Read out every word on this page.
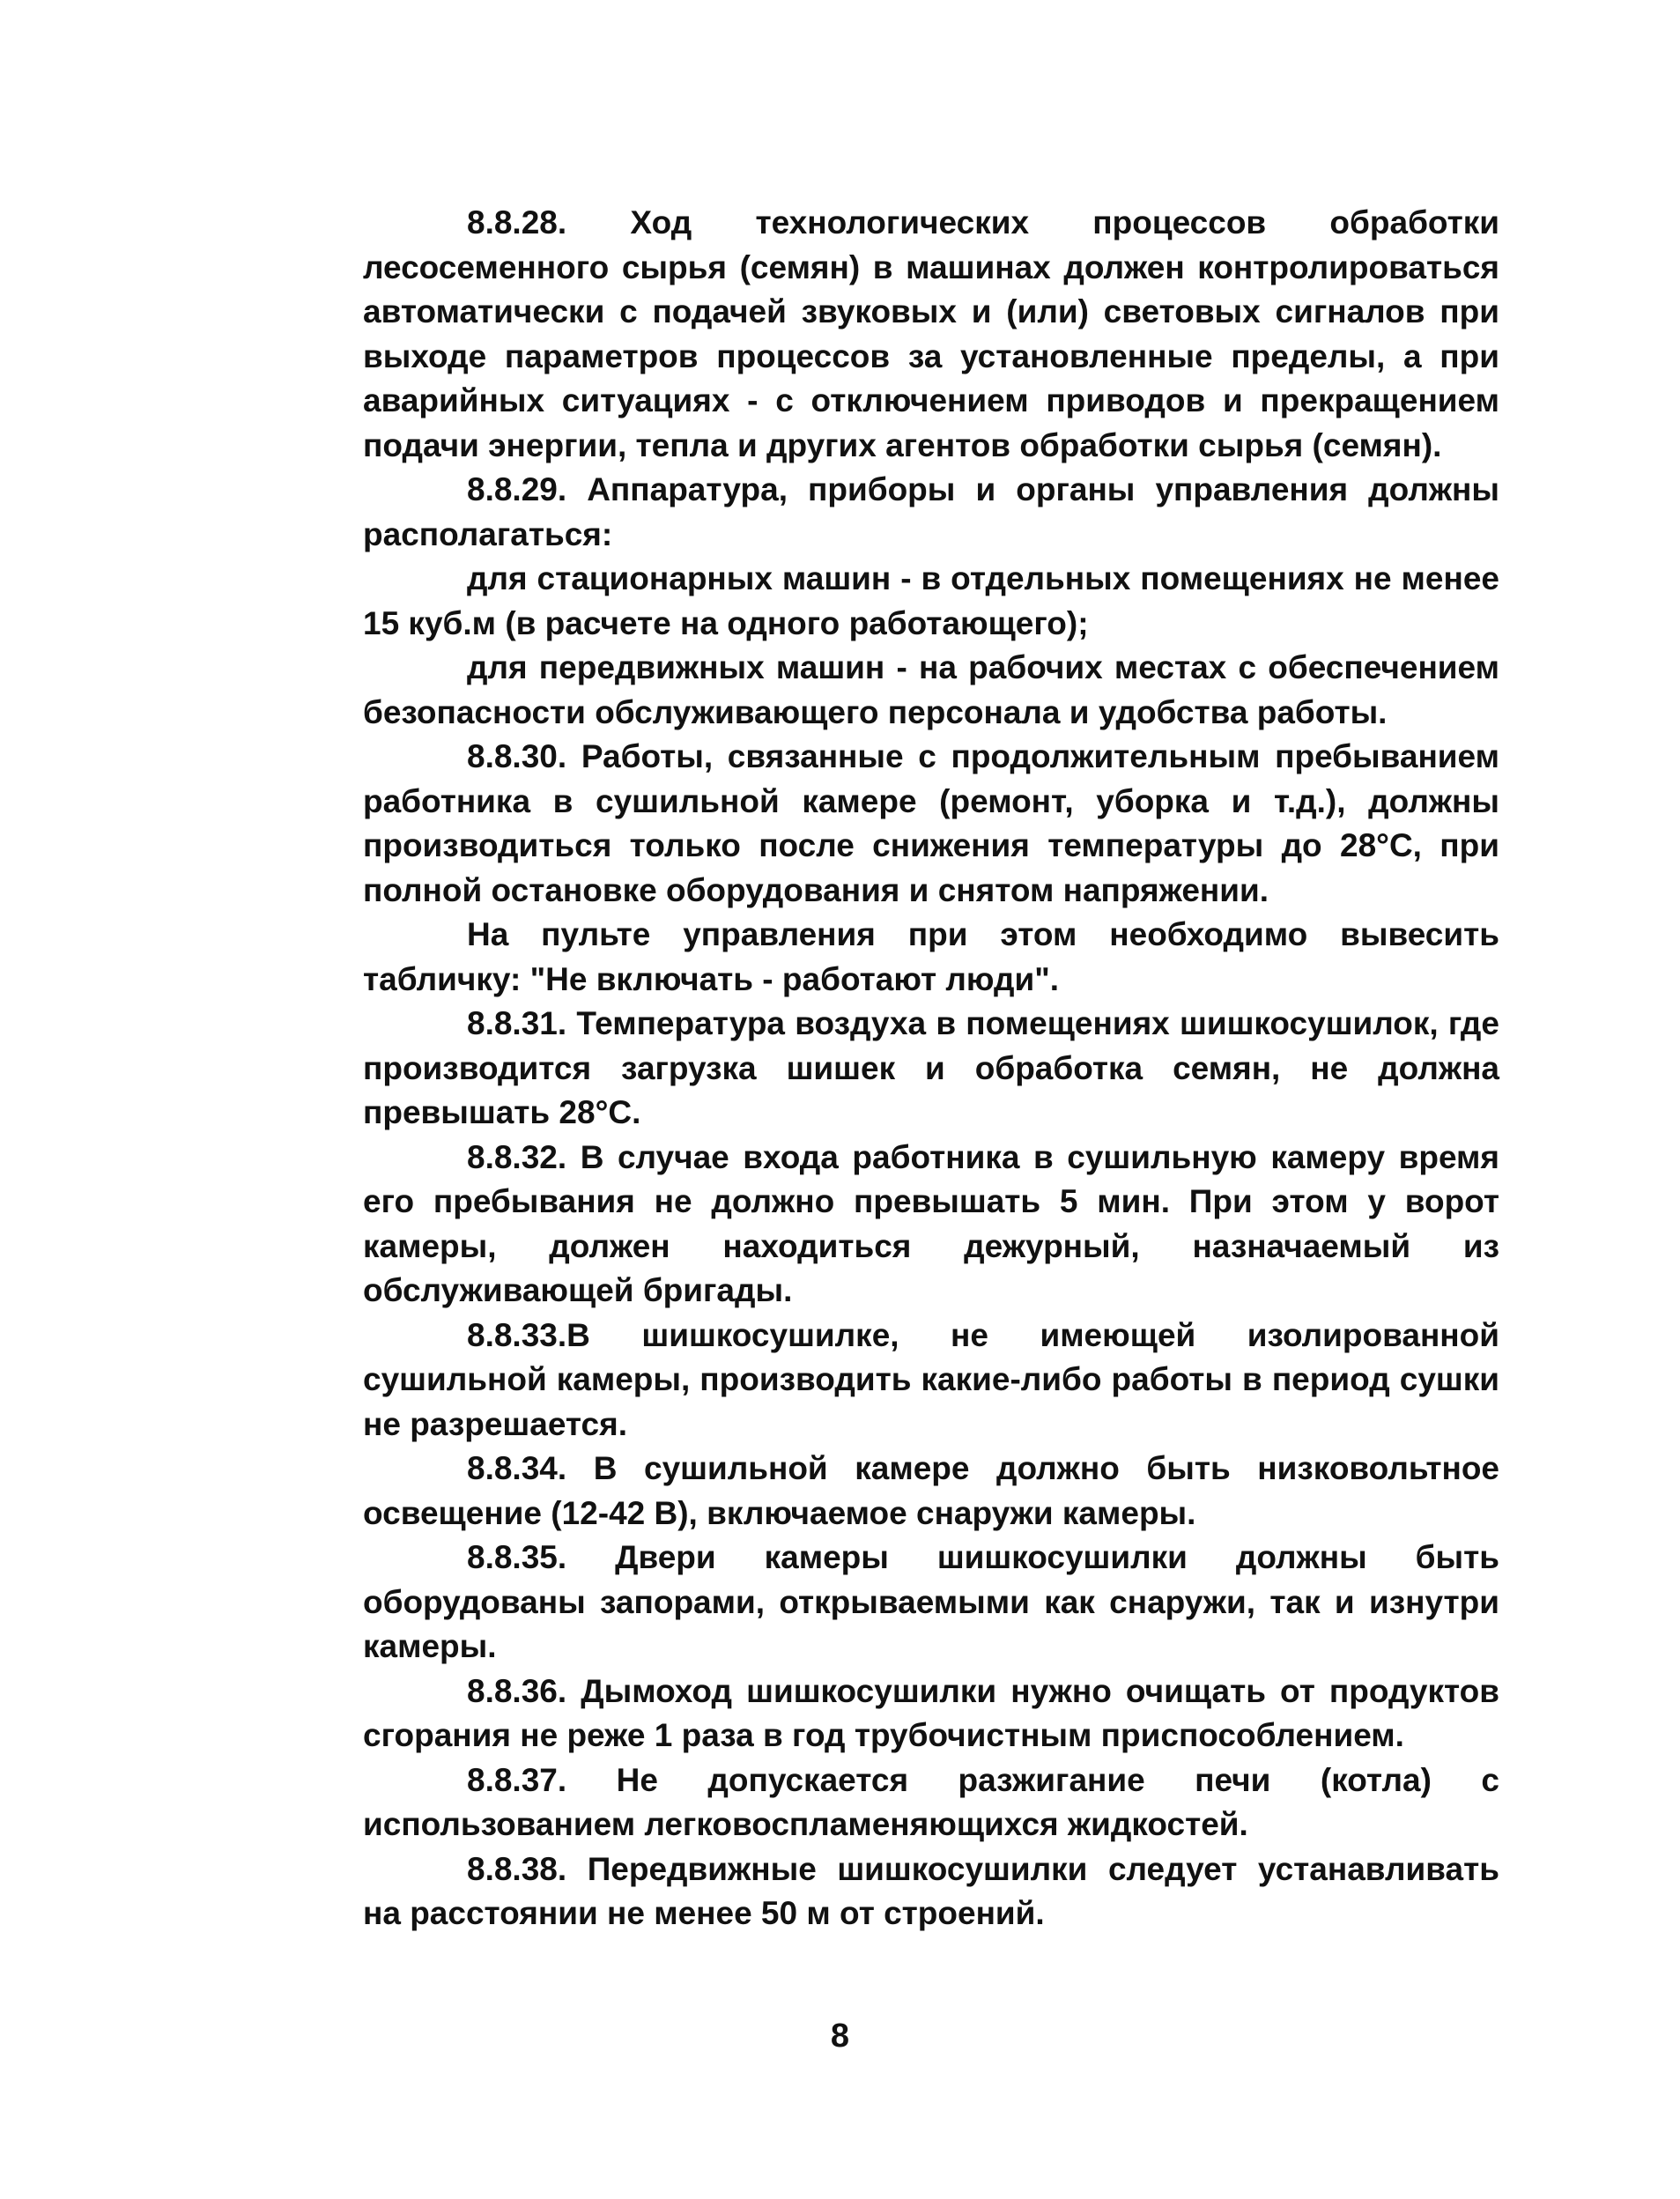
8.8.28. Ход технологических процессов обработки лесосеменного сырья (семян) в машинах должен контролироваться автоматически с подачей звуковых и (или) световых сигналов при выходе параметров процессов за установленные пределы, а при аварийных ситуациях - с отключением приводов и прекращением подачи энергии, тепла и других агентов обработки сырья (семян).

8.8.29. Аппаратура, приборы и органы управления должны располагаться:

для стационарных машин - в отдельных помещениях не менее 15 куб.м (в расчете на одного работающего);

для передвижных машин - на рабочих местах с обеспечением безопасности обслуживающего персонала и удобства работы.

8.8.30. Работы, связанные с продолжительным пребыванием работника в сушильной камере (ремонт, уборка и т.д.), должны производиться только после снижения температуры до 28°С, при полной остановке оборудования и снятом напряжении.

На пульте управления при этом необходимо вывесить табличку: "Не включать - работают люди".

8.8.31. Температура воздуха в помещениях шишкосушилок, где производится загрузка шишек и обработка семян, не должна превышать 28°С.

8.8.32. В случае входа работника в сушильную камеру время его пребывания не должно превышать 5 мин. При этом у ворот камеры, должен находиться дежурный, назначаемый из обслуживающей бригады.

8.8.33.В шишкосушилке, не имеющей изолированной сушильной камеры, производить какие-либо работы в период сушки не разрешается.

8.8.34. В сушильной камере должно быть низковольтное освещение (12-42 В), включаемое снаружи камеры.

8.8.35. Двери камеры шишкосушилки должны быть оборудованы запорами, открываемыми как снаружи, так и изнутри камеры.

8.8.36. Дымоход шишкосушилки нужно очищать от продуктов сгорания не реже 1 раза в год трубочистным приспособлением.

8.8.37. Не допускается разжигание печи (котла) с использованием легковоспламеняющихся жидкостей.

8.8.38. Передвижные шишкосушилки следует устанавливать на расстоянии не менее 50 м от строений.

8
